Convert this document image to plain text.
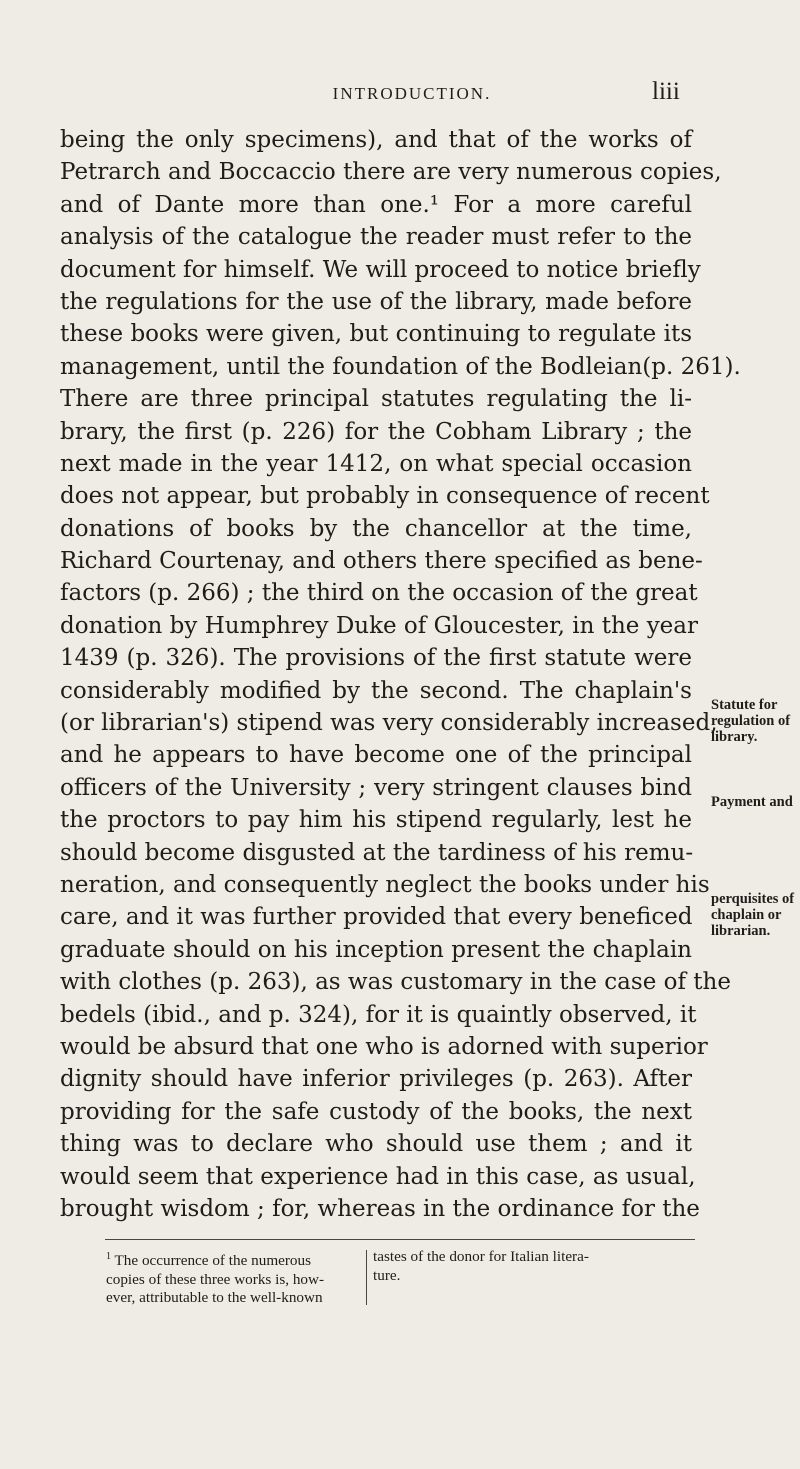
INTRODUCTION.	liii
being the only specimens), and that of the works of
Petrarch and Boccaccio there are very numerous copies,
and of Dante more than one.¹ For a more careful
analysis of the catalogue the reader must refer to the
document for himself. We will proceed to notice briefly
the regulations for the use of the library, made before
these books were given, but continuing to regulate its
management, until the foundation of the Bodleian(p. 261).
There are three principal statutes regulating the li-
brary, the first (p. 226) for the Cobham Library ; the
next made in the year 1412, on what special occasion
does not appear, but probably in consequence of recent
donations of books by the chancellor at the time,
Richard Courtenay, and others there specified as bene-
factors (p. 266) ; the third on the occasion of the great
donation by Humphrey Duke of Gloucester, in the year
1439 (p. 326). The provisions of the first statute were
considerably modified by the second. The chaplain's
(or librarian's) stipend was very considerably increased,
and he appears to have become one of the principal
officers of the University ; very stringent clauses bind
the proctors to pay him his stipend regularly, lest he
should become disgusted at the tardiness of his remu-
neration, and consequently neglect the books under his
care, and it was further provided that every beneficed
graduate should on his inception present the chaplain
with clothes (p. 263), as was customary in the case of the
bedels (ibid., and p. 324), for it is quaintly observed, it
would be absurd that one who is adorned with superior
dignity should have inferior privileges (p. 263). After
providing for the safe custody of the books, the next
thing was to declare who should use them ; and it
would seem that experience had in this case, as usual,
brought wisdom ; for, whereas in the ordinance for the
Statute for
regulation of
library.
Payment and
perquisites of
chaplain or
librarian.
$^1$ The occurrence of the numerous
copies of these three works is, how-
ever, attributable to the well-known
tastes of the donor for Italian litera-
ture.
